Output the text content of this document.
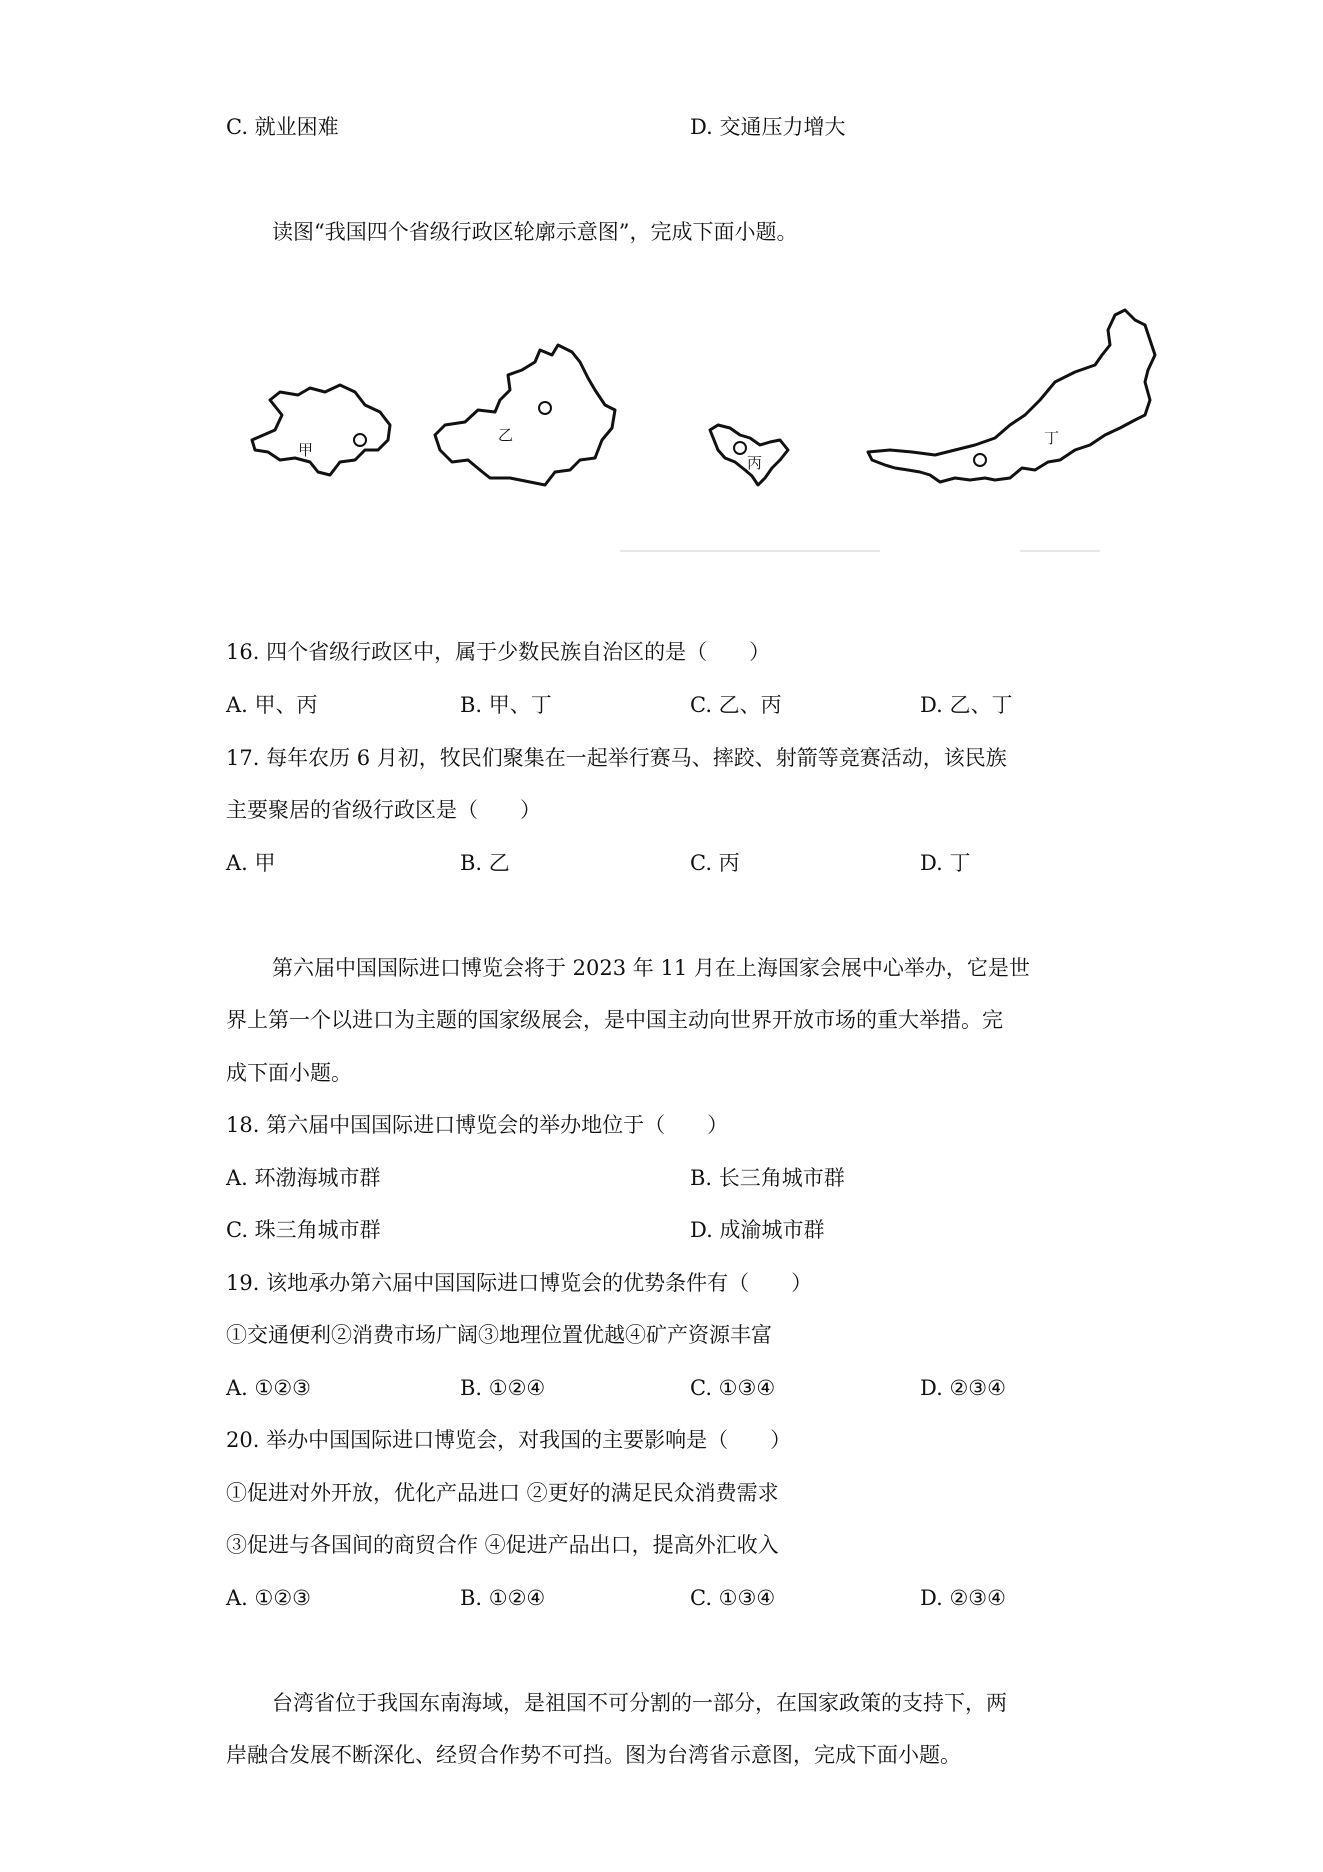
C. 就业困难	D. 交通压力增大
读图“我国四个省级行政区轮廓示意图”，完成下面小题。
甲
乙
丙
丁
16. 四个省级行政区中，属于少数民族自治区的是（　　）
A. 甲、丙	B. 甲、丁	C. 乙、丙	D. 乙、丁
17. 每年农历 6 月初，牧民们聚集在一起举行赛马、摔跤、射箭等竞赛活动，该民族
主要聚居的省级行政区是（　　）
A. 甲	B. 乙	C. 丙	D. 丁
第六届中国国际进口博览会将于 2023 年 11 月在上海国家会展中心举办，它是世
界上第一个以进口为主题的国家级展会，是中国主动向世界开放市场的重大举措。完
成下面小题。
18. 第六届中国国际进口博览会的举办地位于（　　）
A. 环渤海城市群	B. 长三角城市群
C. 珠三角城市群	D. 成渝城市群
19. 该地承办第六届中国国际进口博览会的优势条件有（　　）
①交通便利②消费市场广阔③地理位置优越④矿产资源丰富
A. ①②③	B. ①②④	C. ①③④	D. ②③④
20. 举办中国国际进口博览会，对我国的主要影响是（　　）
①促进对外开放，优化产品进口 ②更好的满足民众消费需求
③促进与各国间的商贸合作 ④促进产品出口，提高外汇收入
A. ①②③	B. ①②④	C. ①③④	D. ②③④
台湾省位于我国东南海域，是祖国不可分割的一部分，在国家政策的支持下，两
岸融合发展不断深化、经贸合作势不可挡。图为台湾省示意图，完成下面小题。
